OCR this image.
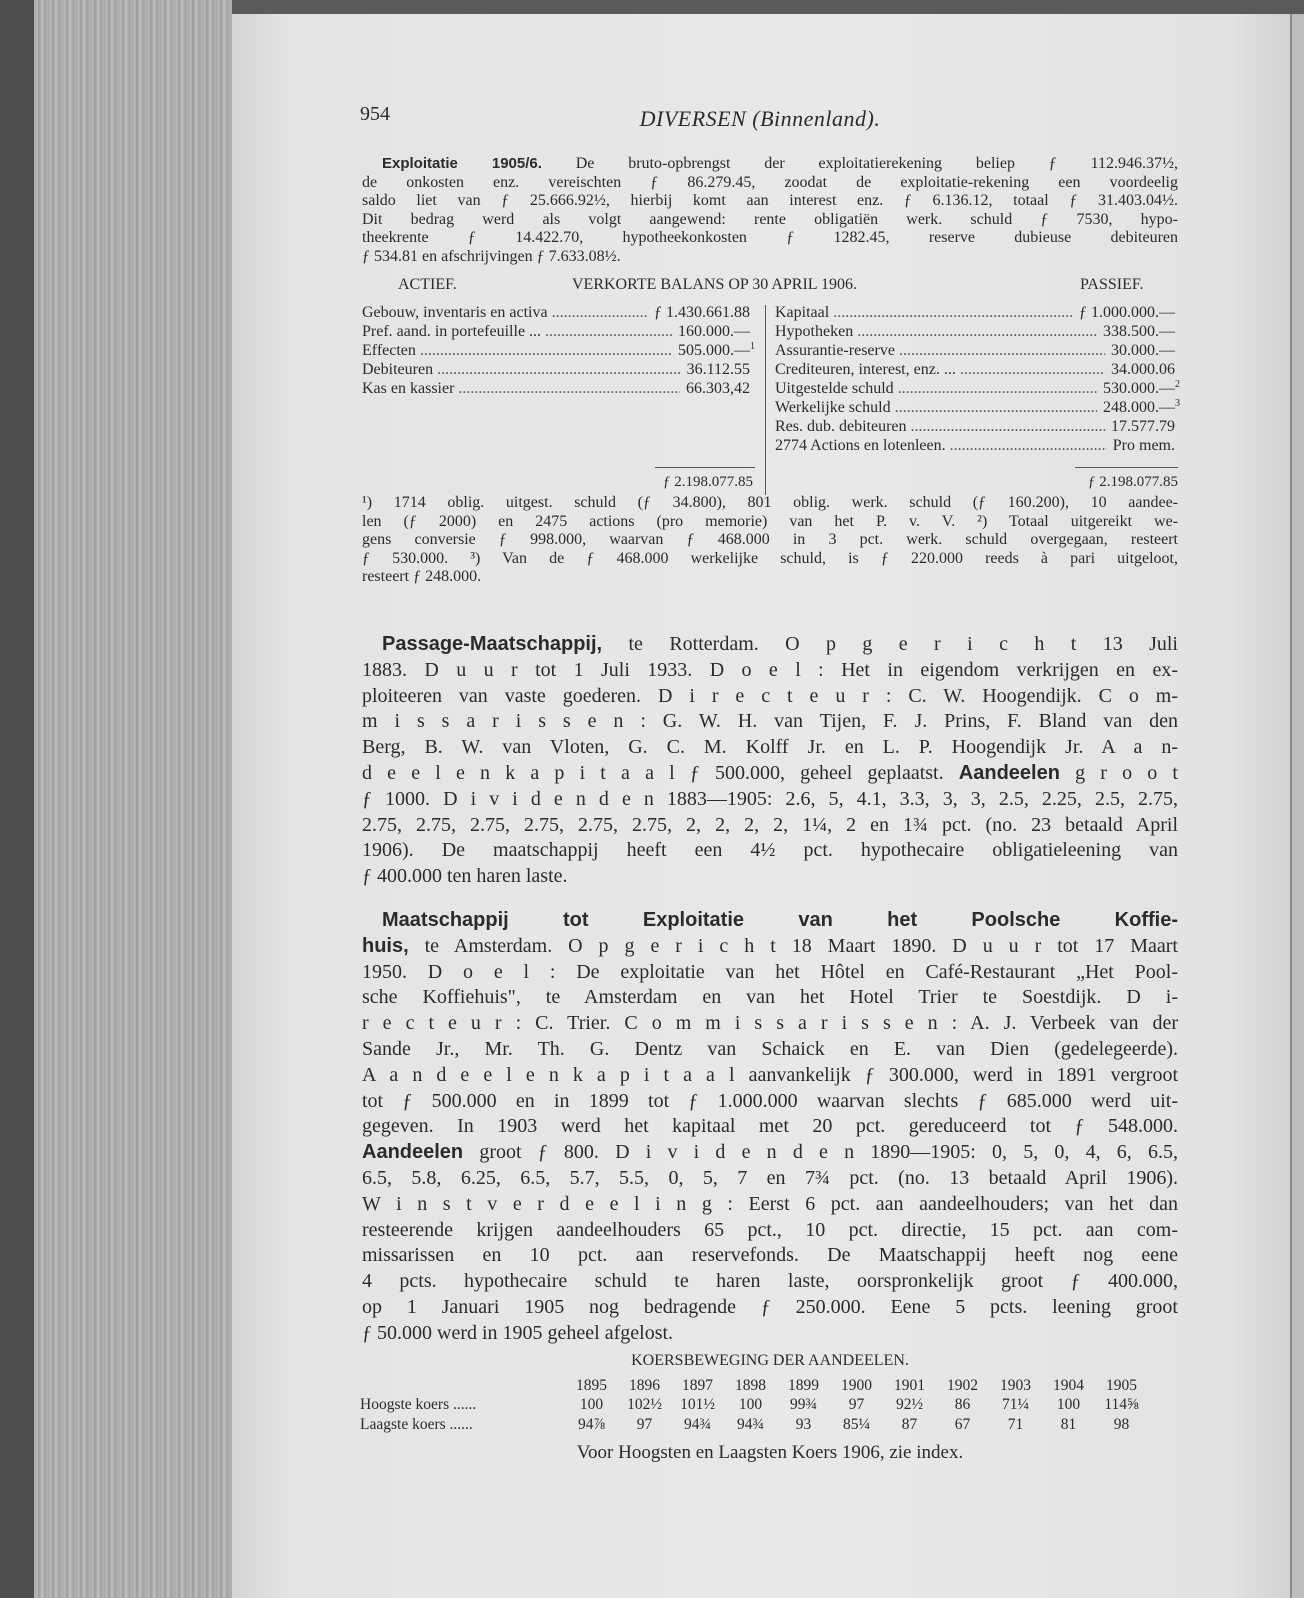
954	DIVERSEN (Binnenland).
Exploitatie 1905/6. De bruto-opbrengst der exploitatierekening beliep ƒ 112.946.37½,
de onkosten enz. vereischten ƒ 86.279.45, zoodat de exploitatie-rekening een voordeelig
saldo liet van ƒ 25.666.92½, hierbij komt aan interest enz. ƒ 6.136.12, totaal ƒ 31.403.04½.
Dit bedrag werd als volgt aangewend: rente obligatiën werk. schuld ƒ 7530, hypo-
theekrente ƒ 14.422.70, hypotheekonkosten ƒ 1282.45, reserve dubieuse debiteuren
ƒ 534.81 en afschrijvingen ƒ 7.633.08½.
ACTIEF.	VERKORTE BALANS OP 30 APRIL 1906.	PASSIEF.
Gebouw, inventaris en activa .....	ƒ 1.430.661.88
Pref. aand. in portefeuille ... .....	160.000.—
Effecten .....	505.000.— 1
Debiteuren .....	36.112.55
Kas en kassier .....	66.303,42
Kapitaal .....	ƒ 1.000.000.—
Hypotheken .....	338.500.—
Assurantie-reserve .....	30.000.—
Crediteuren, interest, enz. ... .....	34.000.06
Uitgestelde schuld .....	530.000.— 2
Werkelijke schuld .....	248.000.— 3
Res. dub. debiteuren .....	17.577.79
2774 Actions en lotenleen. .....	Pro mem.
ƒ 2.198.077.85	ƒ 2.198.077.85
¹) 1714 oblig. uitgest. schuld (ƒ 34.800), 801 oblig. werk. schuld (ƒ 160.200), 10 aandee-
len (ƒ 2000) en 2475 actions (pro memorie) van het P. v. V. ²) Totaal uitgereikt we-
gens conversie ƒ 998.000, waarvan ƒ 468.000 in 3 pct. werk. schuld overgegaan, resteert
ƒ 530.000. ³) Van de ƒ 468.000 werkelijke schuld, is ƒ 220.000 reeds à pari uitgeloot,
resteert ƒ 248.000.
Passage-Maatschappij, te Rotterdam. O p g e r i c h t 13 Juli
1883. D u u r tot 1 Juli 1933. D o e l : Het in eigendom verkrijgen en ex-
ploiteeren van vaste goederen. D i r e c t e u r : C. W. Hoogendijk. C o m-
m i s s a r i s s e n : G. W. H. van Tijen, F. J. Prins, F. Bland van den
Berg, B. W. van Vloten, G. C. M. Kolff Jr. en L. P. Hoogendijk Jr. A a n-
d e e l e n k a p i t a a l ƒ 500.000, geheel geplaatst. Aandeelen g r o o t
ƒ 1000. D i v i d e n d e n 1883—1905: 2.6, 5, 4.1, 3.3, 3, 3, 2.5, 2.25, 2.5, 2.75,
2.75, 2.75, 2.75, 2.75, 2.75, 2.75, 2, 2, 2, 2, 1¼, 2 en 1¾ pct. (no. 23 betaald April
1906). De maatschappij heeft een 4½ pct. hypothecaire obligatieleening van
ƒ 400.000 ten haren laste.
Maatschappij tot Exploitatie van het Poolsche Koffie-
huis, te Amsterdam. O p g e r i c h t 18 Maart 1890. D u u r tot 17 Maart
1950. D o e l : De exploitatie van het Hôtel en Café-Restaurant „Het Pool-
sche Koffiehuis", te Amsterdam en van het Hotel Trier te Soestdijk. D i-
r e c t e u r : C. Trier. C o m m i s s a r i s s e n : A. J. Verbeek van der
Sande Jr., Mr. Th. G. Dentz van Schaick en E. van Dien (gedelegeerde).
A a n d e e l e n k a p i t a a l aanvankelijk ƒ 300.000, werd in 1891 vergroot
tot ƒ 500.000 en in 1899 tot ƒ 1.000.000 waarvan slechts ƒ 685.000 werd uit-
gegeven. In 1903 werd het kapitaal met 20 pct. gereduceerd tot ƒ 548.000.
Aandeelen groot ƒ 800. D i v i d e n d e n 1890—1905: 0, 5, 0, 4, 6, 6.5,
6.5, 5.8, 6.25, 6.5, 5.7, 5.5, 0, 5, 7 en 7¾ pct. (no. 13 betaald April 1906).
W i n s t v e r d e e l i n g : Eerst 6 pct. aan aandeelhouders; van het dan
resteerende krijgen aandeelhouders 65 pct., 10 pct. directie, 15 pct. aan com-
missarissen en 10 pct. aan reservefonds. De Maatschappij heeft nog eene
4 pcts. hypothecaire schuld te haren laste, oorspronkelijk groot ƒ 400.000,
op 1 Januari 1905 nog bedragende ƒ 250.000. Eene 5 pcts. leening groot
ƒ 50.000 werd in 1905 geheel afgelost.
KOERSBEWEGING DER AANDEELEN.
	1895	1896	1897	1898	1899	1900	1901	1902	1903	1904	1905
Hoogste koers ......	100	102½	101½	100	99¾	97	92½	86	71¼	100	114⅝
Laagste koers ......	94⅞	97	94¾	94¾	93	85¼	87	67	71	81	98
Voor Hoogsten en Laagsten Koers 1906, zie index.
